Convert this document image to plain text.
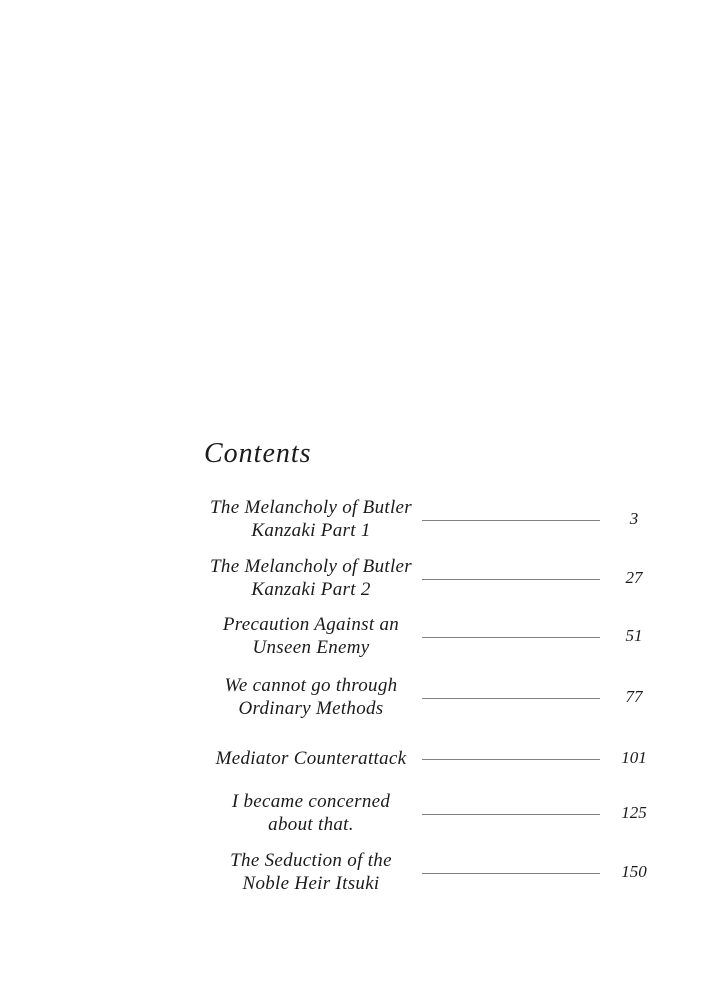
Contents
The Melancholy of Butler
Kanzaki Part 1
3
The Melancholy of Butler
Kanzaki Part 2
27
Precaution Against an
Unseen Enemy
51
We cannot go through
Ordinary Methods
77
Mediator Counterattack	101
I became concerned
about that.
125
The Seduction of the
Noble Heir Itsuki
150
